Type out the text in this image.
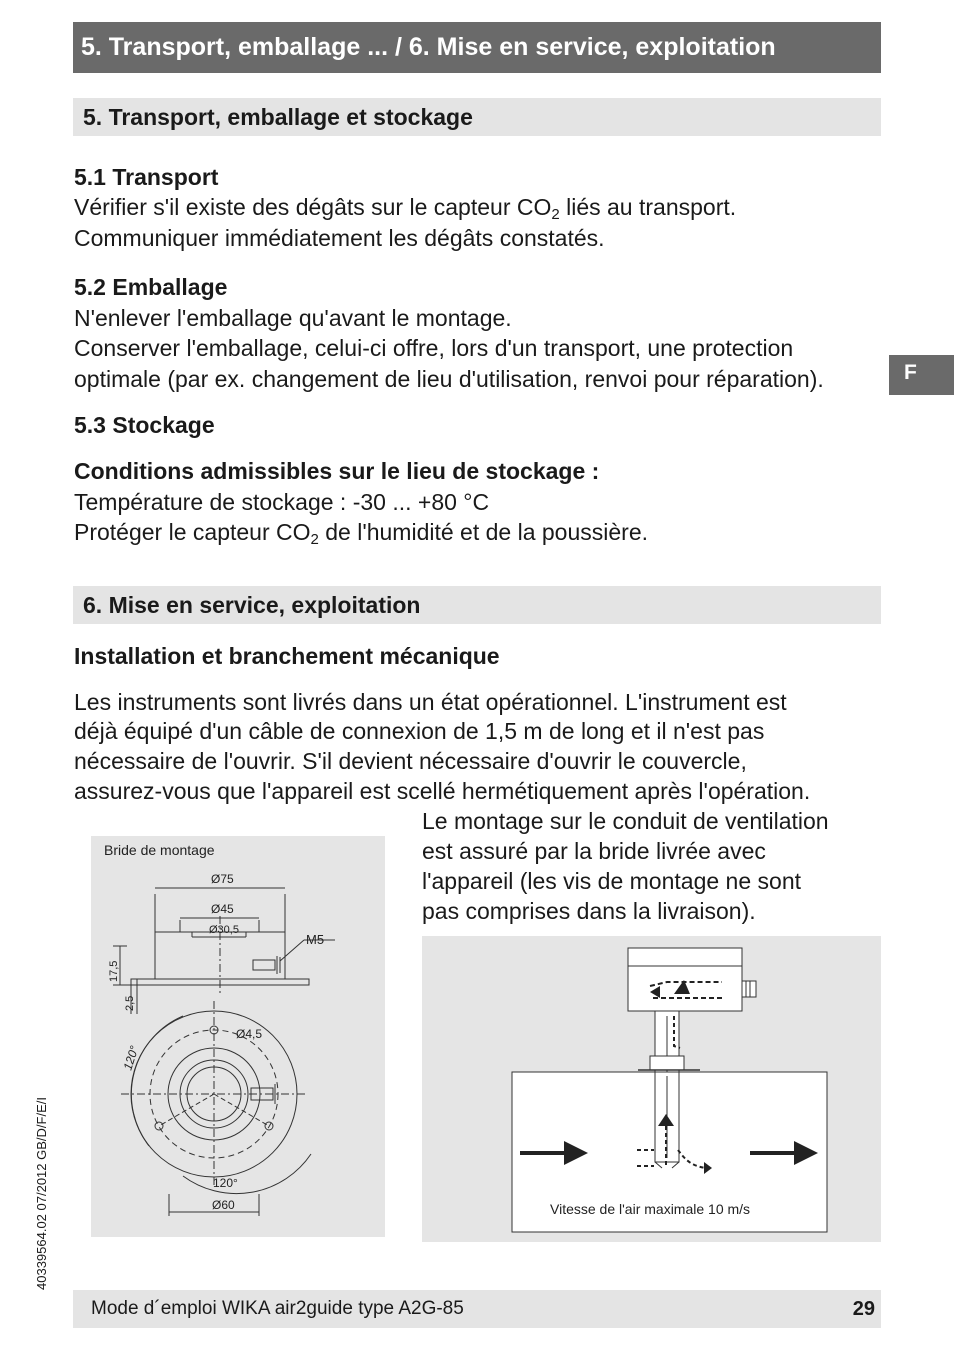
5. Transport, emballage ... / 6. Mise en service, exploitation
F
40339564.02 07/2012 GB/D/F/E/I
5. Transport, emballage et stockage
5.1 Transport
Vérifier s'il existe des dégâts sur le capteur $CO_2$ liés au transport.
Communiquer immédiatement les dégâts constatés.
5.2 Emballage
N'enlever l'emballage qu'avant le montage.
Conserver l'emballage, celui-ci offre, lors d'un transport, une protection
optimale (par ex. changement de lieu d'utilisation, renvoi pour réparation).
5.3 Stockage
Conditions admissibles sur le lieu de stockage :
Température de stockage : -30 ... +80 °C
Protéger le capteur $CO_2$ de l'humidité et de la poussière.
6. Mise en service, exploitation
Installation et branchement mécanique
Les instruments sont livrés dans un état opérationnel. L'instrument est
déjà équipé d'un câble de connexion de 1,5 m de long et il n'est pas
nécessaire de l'ouvrir. S'il devient nécessaire d'ouvrir le couvercle,
assurez-vous que l'appareil est scellé hermétiquement après l'opération.
Le montage sur le conduit de ventilation
est assuré par la bride livrée avec
l'appareil (les vis de montage ne sont
pas comprises dans la livraison).
Bride de montage
Ø75
Ø45
Ø30,5
M5
17,5
2,5
Ø4,5
120°
120°
Ø60	Vitesse de l'air maximale 10 m/s
Mode d´emploi WIKA air2guide type A2G-85	29
